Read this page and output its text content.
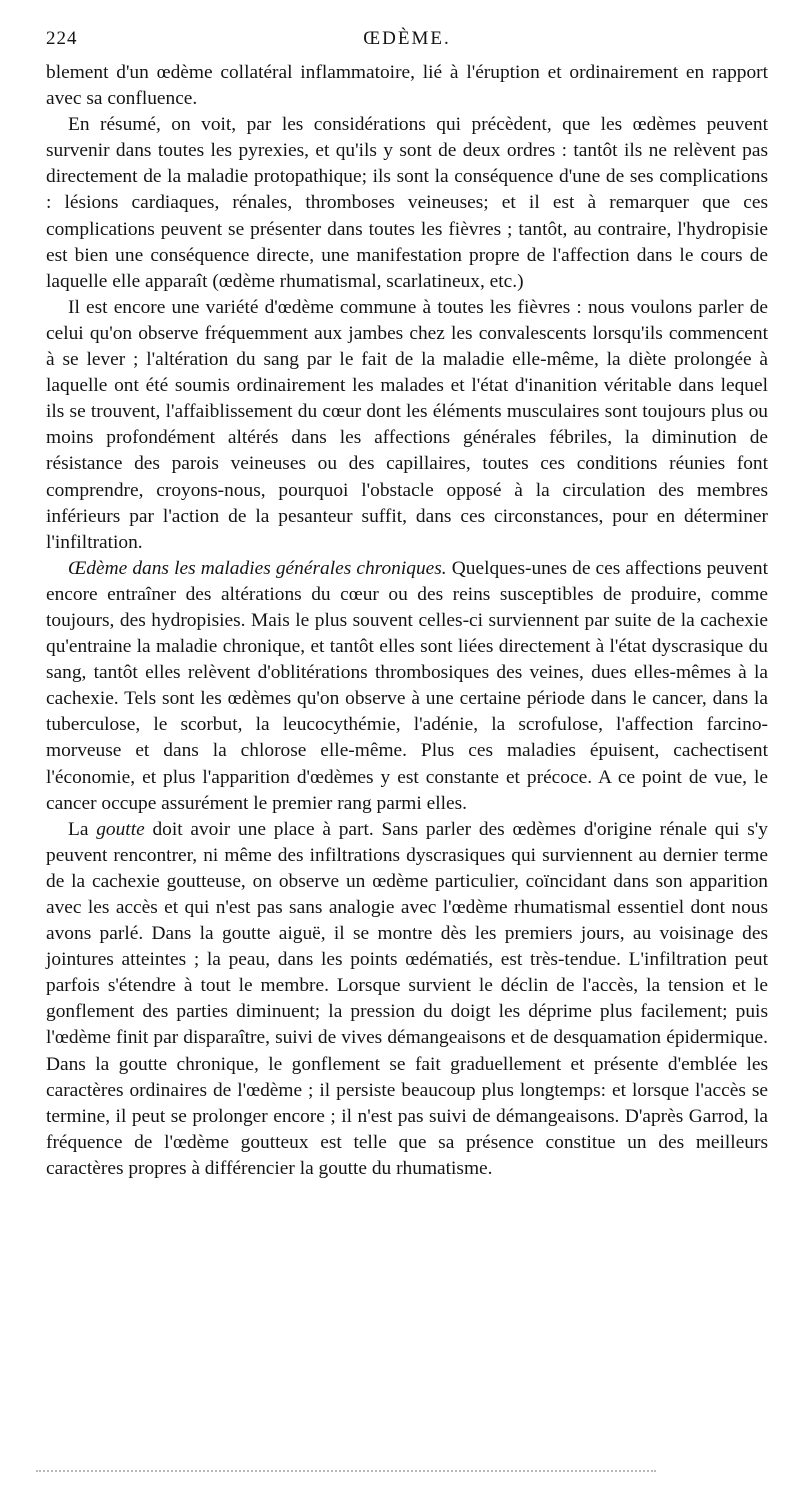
224	ŒDÈME.

blement d'un œdème collatéral inflammatoire, lié à l'éruption et ordinairement en rapport avec sa confluence.

En résumé, on voit, par les considérations qui précèdent, que les œdèmes peuvent survenir dans toutes les pyrexies, et qu'ils y sont de deux ordres : tantôt ils ne relèvent pas directement de la maladie protopathique; ils sont la conséquence d'une de ses complications : lésions cardiaques, rénales, thromboses veineuses; et il est à remarquer que ces complications peuvent se présenter dans toutes les fièvres ; tantôt, au contraire, l'hydropisie est bien une conséquence directe, une manifestation propre de l'affection dans le cours de laquelle elle apparaît (œdème rhumatismal, scarlatineux, etc.)

Il est encore une variété d'œdème commune à toutes les fièvres : nous voulons parler de celui qu'on observe fréquemment aux jambes chez les convalescents lorsqu'ils commencent à se lever ; l'altération du sang par le fait de la maladie elle-même, la diète prolongée à laquelle ont été soumis ordinairement les malades et l'état d'inanition véritable dans lequel ils se trouvent, l'affaiblissement du cœur dont les éléments musculaires sont toujours plus ou moins profondément altérés dans les affections générales fébriles, la diminution de résistance des parois veineuses ou des capillaires, toutes ces conditions réunies font comprendre, croyons-nous, pourquoi l'obstacle opposé à la circulation des membres inférieurs par l'action de la pesanteur suffit, dans ces circonstances, pour en déterminer l'infiltration.

Œdème dans les maladies générales chroniques. Quelques-unes de ces affections peuvent encore entraîner des altérations du cœur ou des reins susceptibles de produire, comme toujours, des hydropisies. Mais le plus souvent celles-ci surviennent par suite de la cachexie qu'entraine la maladie chronique, et tantôt elles sont liées directement à l'état dyscrasique du sang, tantôt elles relèvent d'oblitérations thrombosiques des veines, dues elles-mêmes à la cachexie. Tels sont les œdèmes qu'on observe à une certaine période dans le cancer, dans la tuberculose, le scorbut, la leucocythémie, l'adénie, la scrofulose, l'affection farcino-morveuse et dans la chlorose elle-même. Plus ces maladies épuisent, cachectisent l'économie, et plus l'apparition d'œdèmes y est constante et précoce. A ce point de vue, le cancer occupe assurément le premier rang parmi elles.

La goutte doit avoir une place à part. Sans parler des œdèmes d'origine rénale qui s'y peuvent rencontrer, ni même des infiltrations dyscrasiques qui surviennent au dernier terme de la cachexie goutteuse, on observe un œdème particulier, coïncidant dans son apparition avec les accès et qui n'est pas sans analogie avec l'œdème rhumatismal essentiel dont nous avons parlé. Dans la goutte aiguë, il se montre dès les premiers jours, au voisinage des jointures atteintes ; la peau, dans les points œdématiés, est très-tendue. L'infiltration peut parfois s'étendre à tout le membre. Lorsque survient le déclin de l'accès, la tension et le gonflement des parties diminuent; la pression du doigt les déprime plus facilement; puis l'œdème finit par disparaître, suivi de vives démangeaisons et de desquamation épidermique. Dans la goutte chronique, le gonflement se fait graduellement et présente d'emblée les caractères ordinaires de l'œdème ; il persiste beaucoup plus longtemps: et lorsque l'accès se termine, il peut se prolonger encore ; il n'est pas suivi de démangeaisons. D'après Garrod, la fréquence de l'œdème goutteux est telle que sa présence constitue un des meilleurs caractères propres à différencier la goutte du rhumatisme.
